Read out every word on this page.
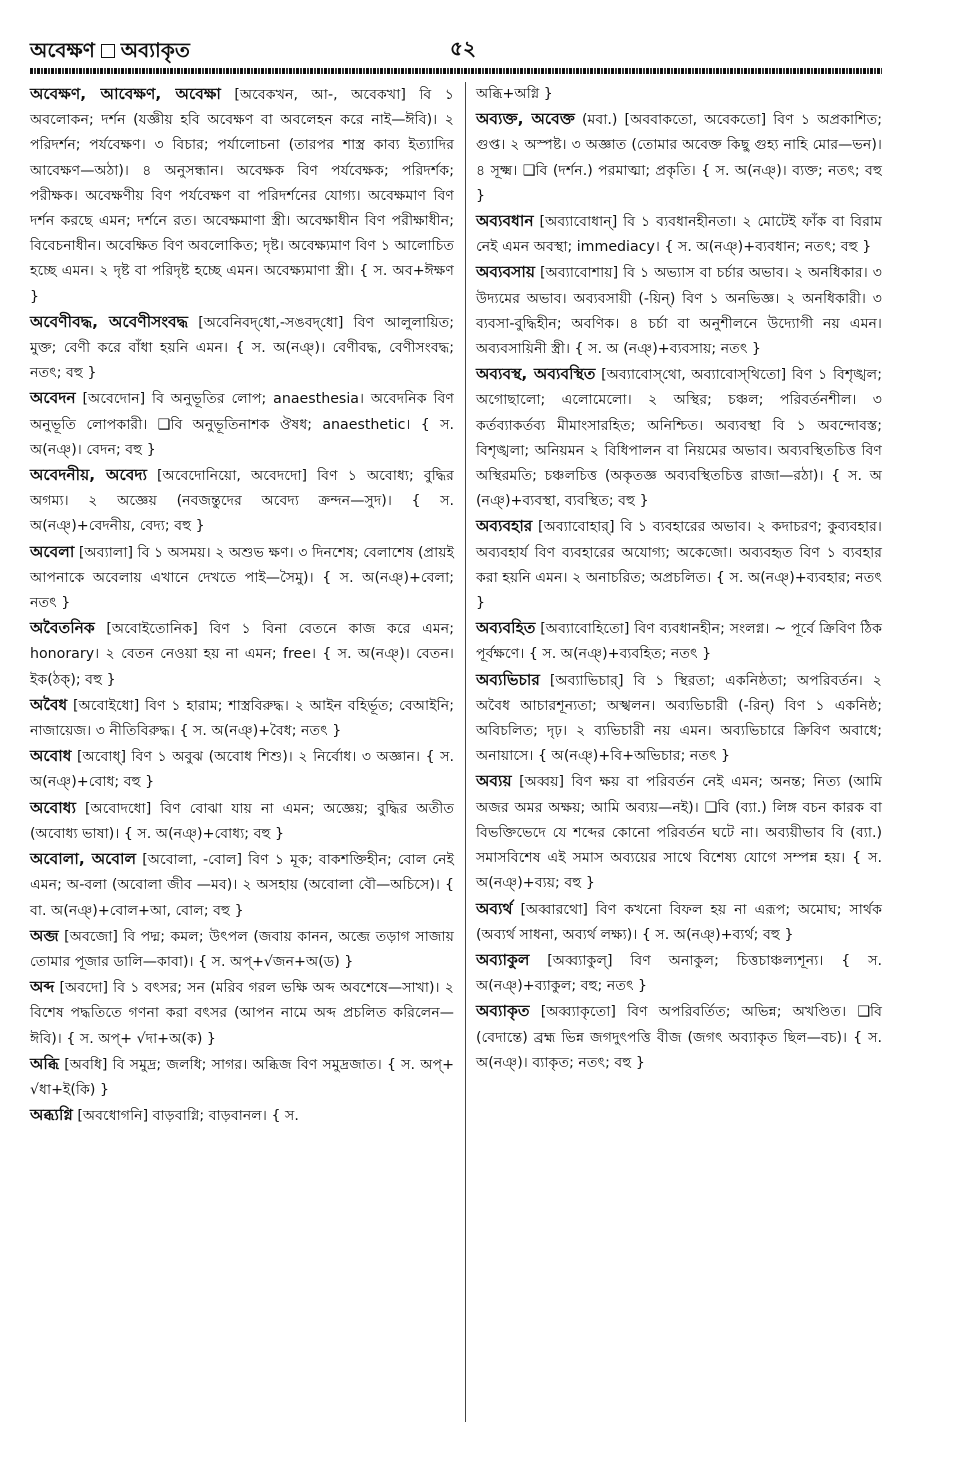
অবেক্ষণ অব্যাকৃত	৫২
অবেক্ষণ, আবেক্ষণ, অবেক্ষা [অবেকখন, আ-, অবেকখা] বি ১ অবলোকন; দর্শন (যজ্ঞীয় হবি অবেক্ষণ বা অবলেহন করে নাই—ঈবি)। ২ পরিদর্শন; পর্যবেক্ষণ। ৩ বিচার; পর্যালোচনা (তারপর শাস্ত্র কাব্য ইত্যাদির আবেক্ষণ—অঠা)। ৪ অনুসন্ধান। অবেক্ষক বিণ পর্যবেক্ষক; পরিদর্শক; পরীক্ষক। অবেক্ষণীয় বিণ পর্যবেক্ষণ বা পরিদর্শনের যোগ্য। অবেক্ষমাণ বিণ দর্শন করছে এমন; দর্শনে রত। অবেক্ষমাণা স্ত্রী। অবেক্ষাধীন বিণ পরীক্ষাধীন; বিবেচনাধীন। অবেক্ষিত বিণ অবলোকিত; দৃষ্ট। অবেক্ষ্যমাণ বিণ ১ আলোচিত হচ্ছে এমন। ২ দৃষ্ট বা পরিদৃষ্ট হচ্ছে এমন। অবেক্ষ্যমাণা স্ত্রী। { স. অব+ঈক্ষণ }
অবেণীবদ্ধ, অবেণীসংবদ্ধ [অবেনিবদ্‌ধো,-সঙবদ্‌ধো] বিণ আলুলায়িত; মুক্ত; বেণী করে বাঁধা হয়নি এমন। { স. অ(নঞ্)। বেণীবদ্ধ, বেণীসংবদ্ধ; নতৎ; বহু }
অবেদন [অবেদোন] বি অনুভূতির লোপ; anaesthesia। অবেদনিক বিণ অনুভূতি লোপকারী। ❑বি অনুভূতিনাশক ঔষধ; anaesthetic। { স. অ(নঞ্)। বেদন; বহু }
অবেদনীয়, অবেদ্য [অবেদোনিয়ো, অবেদদো] বিণ ১ অবোধ্য; বুদ্ধির অগম্য। ২ অজ্ঞেয় (নবজন্তুদের অবেদ্য ক্রন্দন—সুদ)। { স. অ(নঞ্)+বেদনীয়, বেদ্য; বহু }
অবেলা [অব্যালা] বি ১ অসময়। ২ অশুভ ক্ষণ। ৩ দিনশেষ; বেলাশেষ (প্রায়ই আপনাকে অবেলায় এখানে দেখতে পাই—সৈমু)। { স. অ(নঞ্)+বেলা; নতৎ }
অবৈতনিক [অবোইতোনিক] বিণ ১ বিনা বেতনে কাজ করে এমন; honorary। ২ বেতন নেওয়া হয় না এমন; free। { স. অ(নঞ্)। বেতন। ইক(ঠক্); বহু }
অবৈধ [অবোইধো] বিণ ১ হারাম; শাস্ত্রবিরুদ্ধ। ২ আইন বহির্ভূত; বেআইনি; নাজায়েজ। ৩ নীতিবিরুদ্ধ। { স. অ(নঞ্)+বৈধ; নতৎ }
অবোধ [অবোধ্] বিণ ১ অবুঝ (অবোধ শিশু)। ২ নির্বোধ। ৩ অজ্ঞান। { স. অ(নঞ্)+বোধ; বহু }
অবোধ্য [অবোদধো] বিণ বোঝা যায় না এমন; অজ্ঞেয়; বুদ্ধির অতীত (অবোধ্য ভাষা)। { স. অ(নঞ্)+বোধ্য; বহু }
অবোলা, অবোল [অবোলা, -বোল] বিণ ১ মূক; বাকশক্তিহীন; বোল নেই এমন; অ-বলা (অবোলা জীব —মব)। ২ অসহায় (অবোলা বৌ—অচিসে)। { বা. অ(নঞ্)+বোল+আ, বোল; বহু }
অব্জ [অবজো] বি পদ্ম; কমল; উৎপল (জবায় কানন, অব্জে তড়াগ সাজায় তোমার পূজার ডালি—কাবা)। { স. অপ্+√জন+অ(ড) }
অব্দ [অবদো] বি ১ বৎসর; সন (মরিব গরল ভক্ষি অব্দ অবশেষে—সাখা)। ২ বিশেষ পদ্ধতিতে গণনা করা বৎসর (আপন নামে অব্দ প্রচলিত করিলেন—ঈবি)। { স. অপ্+ √দা+অ(ক) }
অব্ধি [অবধি] বি সমুদ্র; জলধি; সাগর। অব্ধিজ বিণ সমুদ্রজাত। { স. অপ্+ √ধা+ই(কি) }
অব্ধ্যগ্নি [অবধোগনি] বাড়বাগ্নি; বাড়বানল। { স.
অব্ধি+অগ্নি }
অব্যক্ত, অবেক্ত (মবা.) [অববাকতো, অবেকতো] বিণ ১ অপ্রকাশিত; গুপ্ত। ২ অস্পষ্ট। ৩ অজ্ঞাত (তোমার অবেক্ত কিছু গুহ্য নাহি মোর—ভন)। ৪ সূক্ষ্ম। ❑বি (দর্শন.) পরমাত্মা; প্রকৃতি। { স. অ(নঞ্)। ব্যক্ত; নতৎ; বহু }
অব্যবধান [অব্যাবোধান্] বি ১ ব্যবধানহীনতা। ২ মোটেই ফাঁক বা বিরাম নেই এমন অবস্থা; immediacy। { স. অ(নঞ্)+ব্যবধান; নতৎ; বহু }
অব্যবসায় [অব্যাবোশায়] বি ১ অভ্যাস বা চর্চার অভাব। ২ অনধিকার। ৩ উদ্যমের অভাব। অব্যবসায়ী (-য়িন্) বিণ ১ অনভিজ্ঞ। ২ অনধিকারী। ৩ ব্যবসা-বুদ্ধিহীন; অবণিক। ৪ চর্চা বা অনুশীলনে উদ্যোগী নয় এমন। অব্যবসায়িনী স্ত্রী। { স. অ (নঞ্)+ব্যবসায়; নতৎ }
অব্যবস্থ, অব্যবস্থিত [অব্যাবোস্‌থো, অব্যাবোস্‌থিতো] বিণ ১ বিশৃঙ্খল; অগোছালো; এলোমেলো। ২ অস্থির; চঞ্চল; পরিবর্তনশীল। ৩ কর্তব্যাকর্তব্য মীমাংসারহিত; অনিশ্চিত। অব্যবস্থা বি ১ অবন্দোবস্ত; বিশৃঙ্খলা; অনিয়মন ২ বিধিপালন বা নিয়মের অভাব। অব্যবস্থিতচিত্ত বিণ অস্থিরমতি; চঞ্চলচিত্ত (অকৃতজ্ঞ অব্যবস্থিতচিত্ত রাজা—রঠা)। { স. অ (নঞ্)+ব্যবস্থা, ব্যবস্থিত; বহু }
অব্যবহার [অব্যাবোহার্] বি ১ ব্যবহারের অভাব। ২ কদাচরণ; কুব্যবহার। অব্যবহার্য বিণ ব্যবহারের অযোগ্য; অকেজো। অব্যবহৃত বিণ ১ ব্যবহার করা হয়নি এমন। ২ অনাচরিত; অপ্রচলিত। { স. অ(নঞ্)+ব্যবহার; নতৎ }
অব্যবহিত [অব্যাবোহিতো] বিণ ব্যবধানহীন; সংলগ্ন। ~ পূর্বে ক্রিবিণ ঠিক পূর্বক্ষণে। { স. অ(নঞ্)+ব্যবহিত; নতৎ }
অব্যভিচার [অব্যাভিচার্] বি ১ স্থিরতা; একনিষ্ঠতা; অপরিবর্তন। ২ অবৈধ আচারশূন্যতা; অস্খলন। অব্যভিচারী (-রিন্) বিণ ১ একনিষ্ঠ; অবিচলিত; দৃঢ়। ২ ব্যভিচারী নয় এমন। অব্যভিচারে ক্রিবিণ অবাধে; অনায়াসে। { অ(নঞ্)+বি+অভিচার; নতৎ }
অব্যয় [অব্বয়] বিণ ক্ষয় বা পরিবর্তন নেই এমন; অনন্ত; নিত্য (আমি অজর অমর অক্ষয়; আমি অব্যয়—নই)। ❑বি (ব্যা.) লিঙ্গ বচন কারক বা বিভক্তিভেদে যে শব্দের কোনো পরিবর্তন ঘটে না। অব্যয়ীভাব বি (ব্যা.) সমাসবিশেষ এই সমাস অব্যয়ের সাথে বিশেষ্য যোগে সম্পন্ন হয়। { স. অ(নঞ্)+ব্যয়; বহু }
অব্যর্থ [অব্বারথো] বিণ কখনো বিফল হয় না এরূপ; অমোঘ; সার্থক (অব্যর্থ সাধনা, অব্যর্থ লক্ষ্য)। { স. অ(নঞ্)+ব্যর্থ; বহু }
অব্যাকুল [অব্ব্যাকুল্] বিণ অনাকুল; চিত্তচাঞ্চল্যশূন্য। { স. অ(নঞ্)+ব্যাকুল; বহু; নতৎ }
অব্যাকৃত [অব্ব্যাকৃতো] বিণ অপরিবর্তিত; অভিন্ন; অখণ্ডিত। ❑বি (বেদান্তে) ব্রহ্ম ভিন্ন জগদুৎপত্তি বীজ (জগৎ অব্যাকৃত ছিল—বচ)। { স. অ(নঞ্)। ব্যাকৃত; নতৎ; বহু }
